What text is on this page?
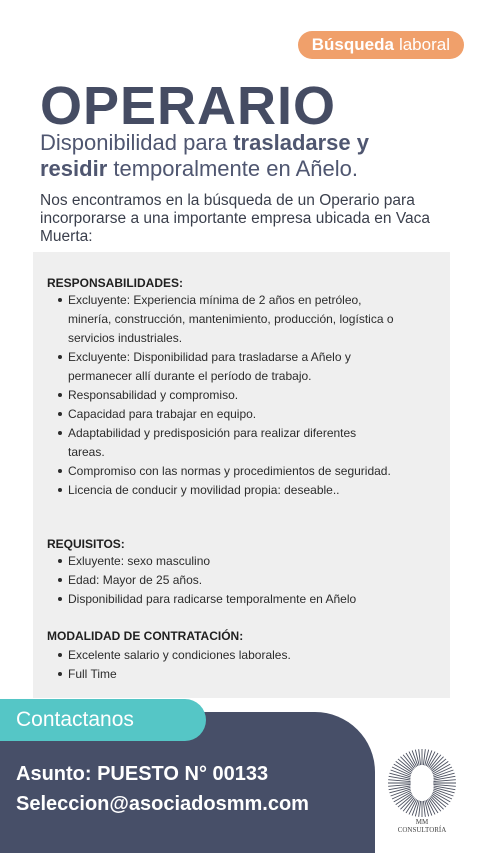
Búsqueda laboral
OPERARIO
Disponibilidad para trasladarse y
residir temporalmente en Añelo.
Nos encontramos en la búsqueda de un Operario para incorporarse a una importante empresa ubicada en Vaca Muerta:
RESPONSABILIDADES:
Excluyente: Experiencia mínima de 2 años en petróleo, minería, construcción, mantenimiento, producción, logística o servicios industriales.
Excluyente: Disponibilidad para trasladarse a Añelo y permanecer allí durante el período de trabajo.
Responsabilidad y compromiso.
Capacidad para trabajar en equipo.
Adaptabilidad y predisposición para realizar diferentes tareas.
Compromiso con las normas y procedimientos de seguridad.
Licencia de conducir y movilidad propia: deseable..
REQUISITOS:
Exluyente: sexo masculino
Edad: Mayor de 25 años.
Disponibilidad para radicarse temporalmente en Añelo
MODALIDAD DE CONTRATACIÓN:
Excelente salario y condiciones laborales.
Full Time
Contactanos
Asunto: PUESTO N° 00133
Seleccion@asociadosmm.com
MM
CONSULTORÍA
